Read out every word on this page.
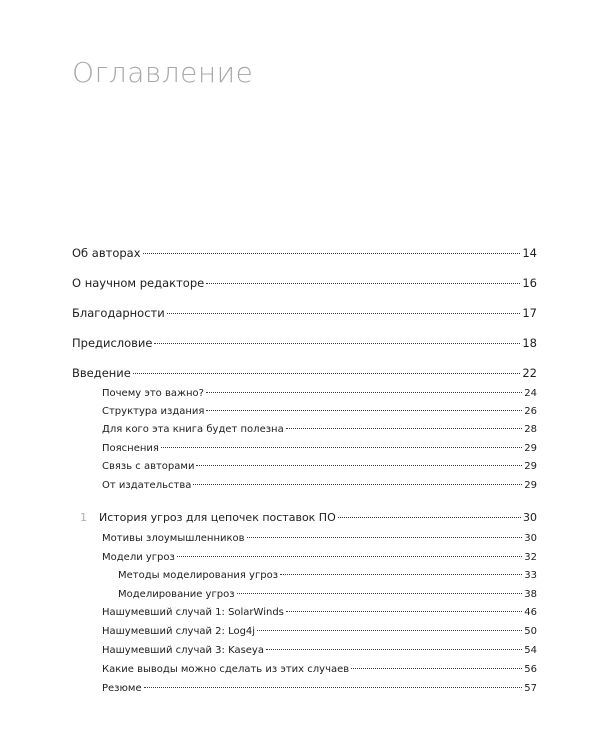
Оглавление
Об авторах	14
О научном редакторе	16
Благодарности	17
Предисловие	18
Введение	22
Почему это важно?	24
Структура издания	26
Для кого эта книга будет полезна	28
Пояснения	29
Связь с авторами	29
От издательства	29
1 История угроз для цепочек поставок ПО	30
Мотивы злоумышленников	30
Модели угроз	32
Методы моделирования угроз	33
Моделирование угроз	38
Нашумевший случай 1: SolarWinds	46
Нашумевший случай 2: Log4j	50
Нашумевший случай 3: Kaseya	54
Какие выводы можно сделать из этих случаев	56
Резюме	57
